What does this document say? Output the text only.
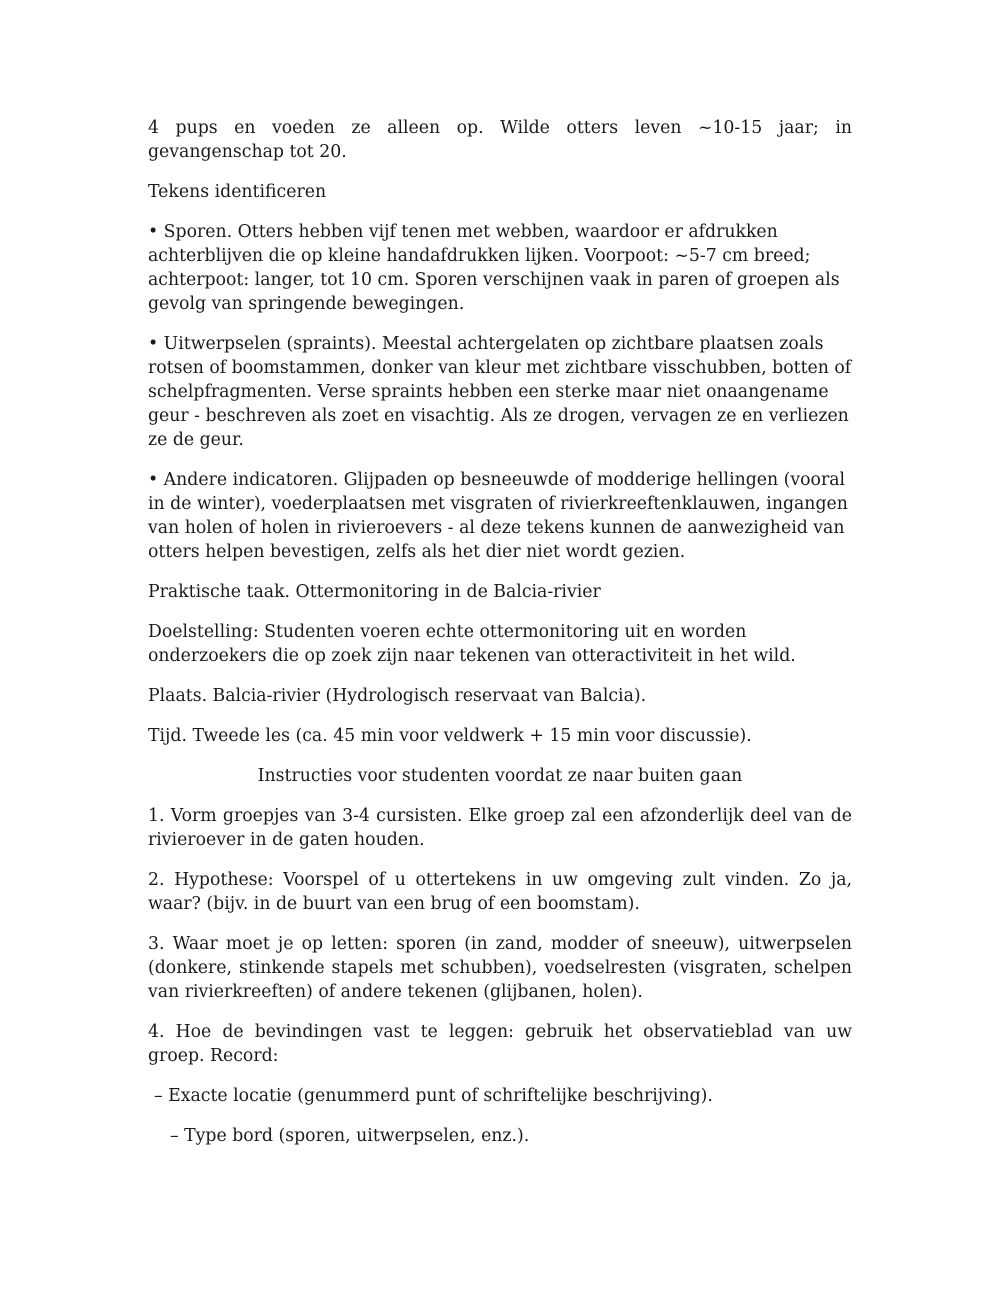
4 pups en voeden ze alleen op. Wilde otters leven ~10-15 jaar; in gevangenschap tot 20.

Tekens identificeren

• Sporen. Otters hebben vijf tenen met webben, waardoor er afdrukken achterblijven die op kleine handafdrukken lijken. Voorpoot: ~5-7 cm breed; achterpoot: langer, tot 10 cm. Sporen verschijnen vaak in paren of groepen als gevolg van springende bewegingen.

• Uitwerpselen (spraints). Meestal achtergelaten op zichtbare plaatsen zoals rotsen of boomstammen, donker van kleur met zichtbare visschubben, botten of schelpfragmenten. Verse spraints hebben een sterke maar niet onaangename geur - beschreven als zoet en visachtig. Als ze drogen, vervagen ze en verliezen ze de geur.

• Andere indicatoren. Glijpaden op besneeuwde of modderige hellingen (vooral in de winter), voederplaatsen met visgraten of rivierkreeftenklauwen, ingangen van holen of holen in rivieroevers - al deze tekens kunnen de aanwezigheid van otters helpen bevestigen, zelfs als het dier niet wordt gezien.

Praktische taak. Ottermonitoring in de Balcia-rivier

Doelstelling: Studenten voeren echte ottermonitoring uit en worden onderzoekers die op zoek zijn naar tekenen van otteractiviteit in het wild.

Plaats. Balcia-rivier (Hydrologisch reservaat van Balcia).

Tijd. Tweede les (ca. 45 min voor veldwerk + 15 min voor discussie).

Instructies voor studenten voordat ze naar buiten gaan

1. Vorm groepjes van 3-4 cursisten. Elke groep zal een afzonderlijk deel van de rivieroever in de gaten houden.

2. Hypothese: Voorspel of u ottertekens in uw omgeving zult vinden. Zo ja, waar? (bijv. in de buurt van een brug of een boomstam).

3. Waar moet je op letten: sporen (in zand, modder of sneeuw), uitwerpselen (donkere, stinkende stapels met schubben), voedselresten (visgraten, schelpen van rivierkreeften) of andere tekenen (glijbanen, holen).

4. Hoe de bevindingen vast te leggen: gebruik het observatieblad van uw groep. Record:

– Exacte locatie (genummerd punt of schriftelijke beschrijving).

– Type bord (sporen, uitwerpselen, enz.).
